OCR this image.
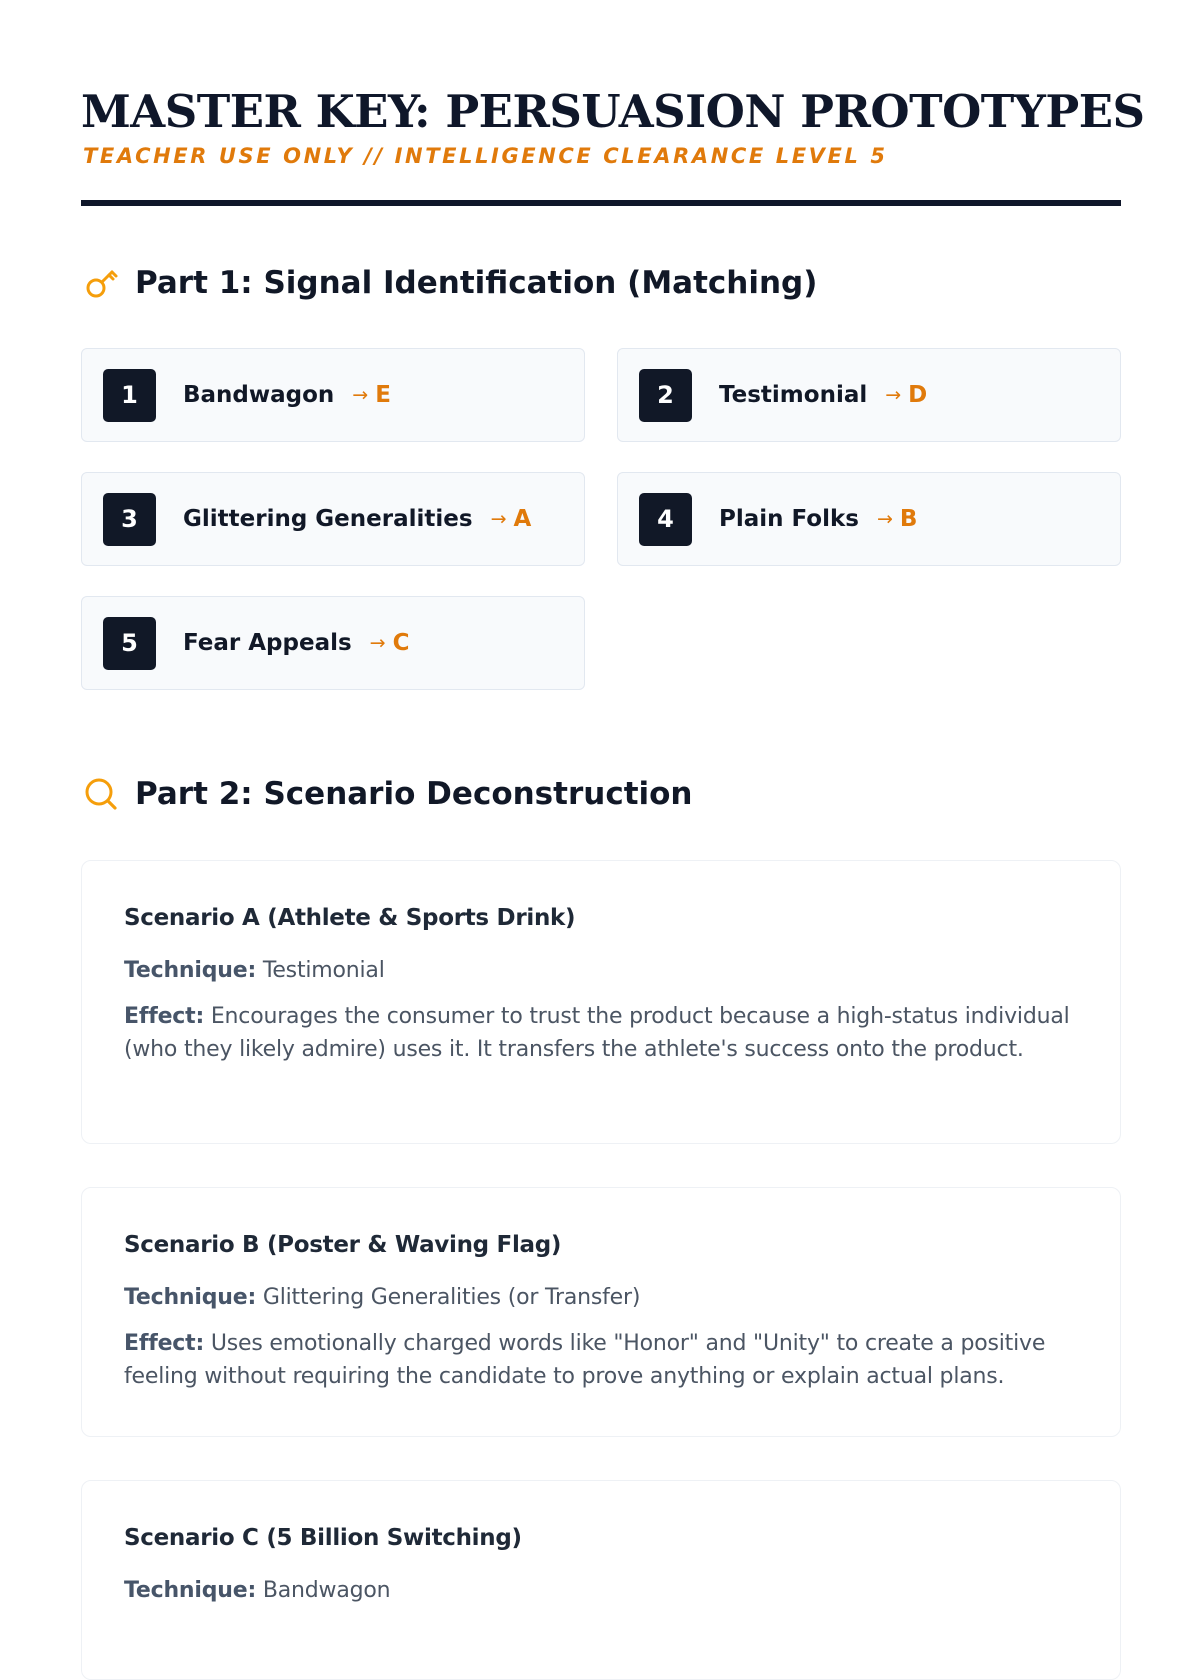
MASTER KEY: PERSUASION PROTOTYPES
TEACHER USE ONLY // INTELLIGENCE CLEARANCE LEVEL 5
Part 1: Signal Identification (Matching)
1	Bandwagon → E	2	Testimonial → D
3	Glittering Generalities → A	4	Plain Folks → B
5	Fear Appeals → C
Part 2: Scenario Deconstruction
Scenario A (Athlete & Sports Drink)
Technique: Testimonial
Effect: Encourages the consumer to trust the product because a high-status individual (who they likely admire) uses it. It transfers the athlete's success onto the product.
Scenario B (Poster & Waving Flag)
Technique: Glittering Generalities (or Transfer)
Effect: Uses emotionally charged words like "Honor" and "Unity" to create a positive feeling without requiring the candidate to prove anything or explain actual plans.
Scenario C (5 Billion Switching)
Technique: Bandwagon
